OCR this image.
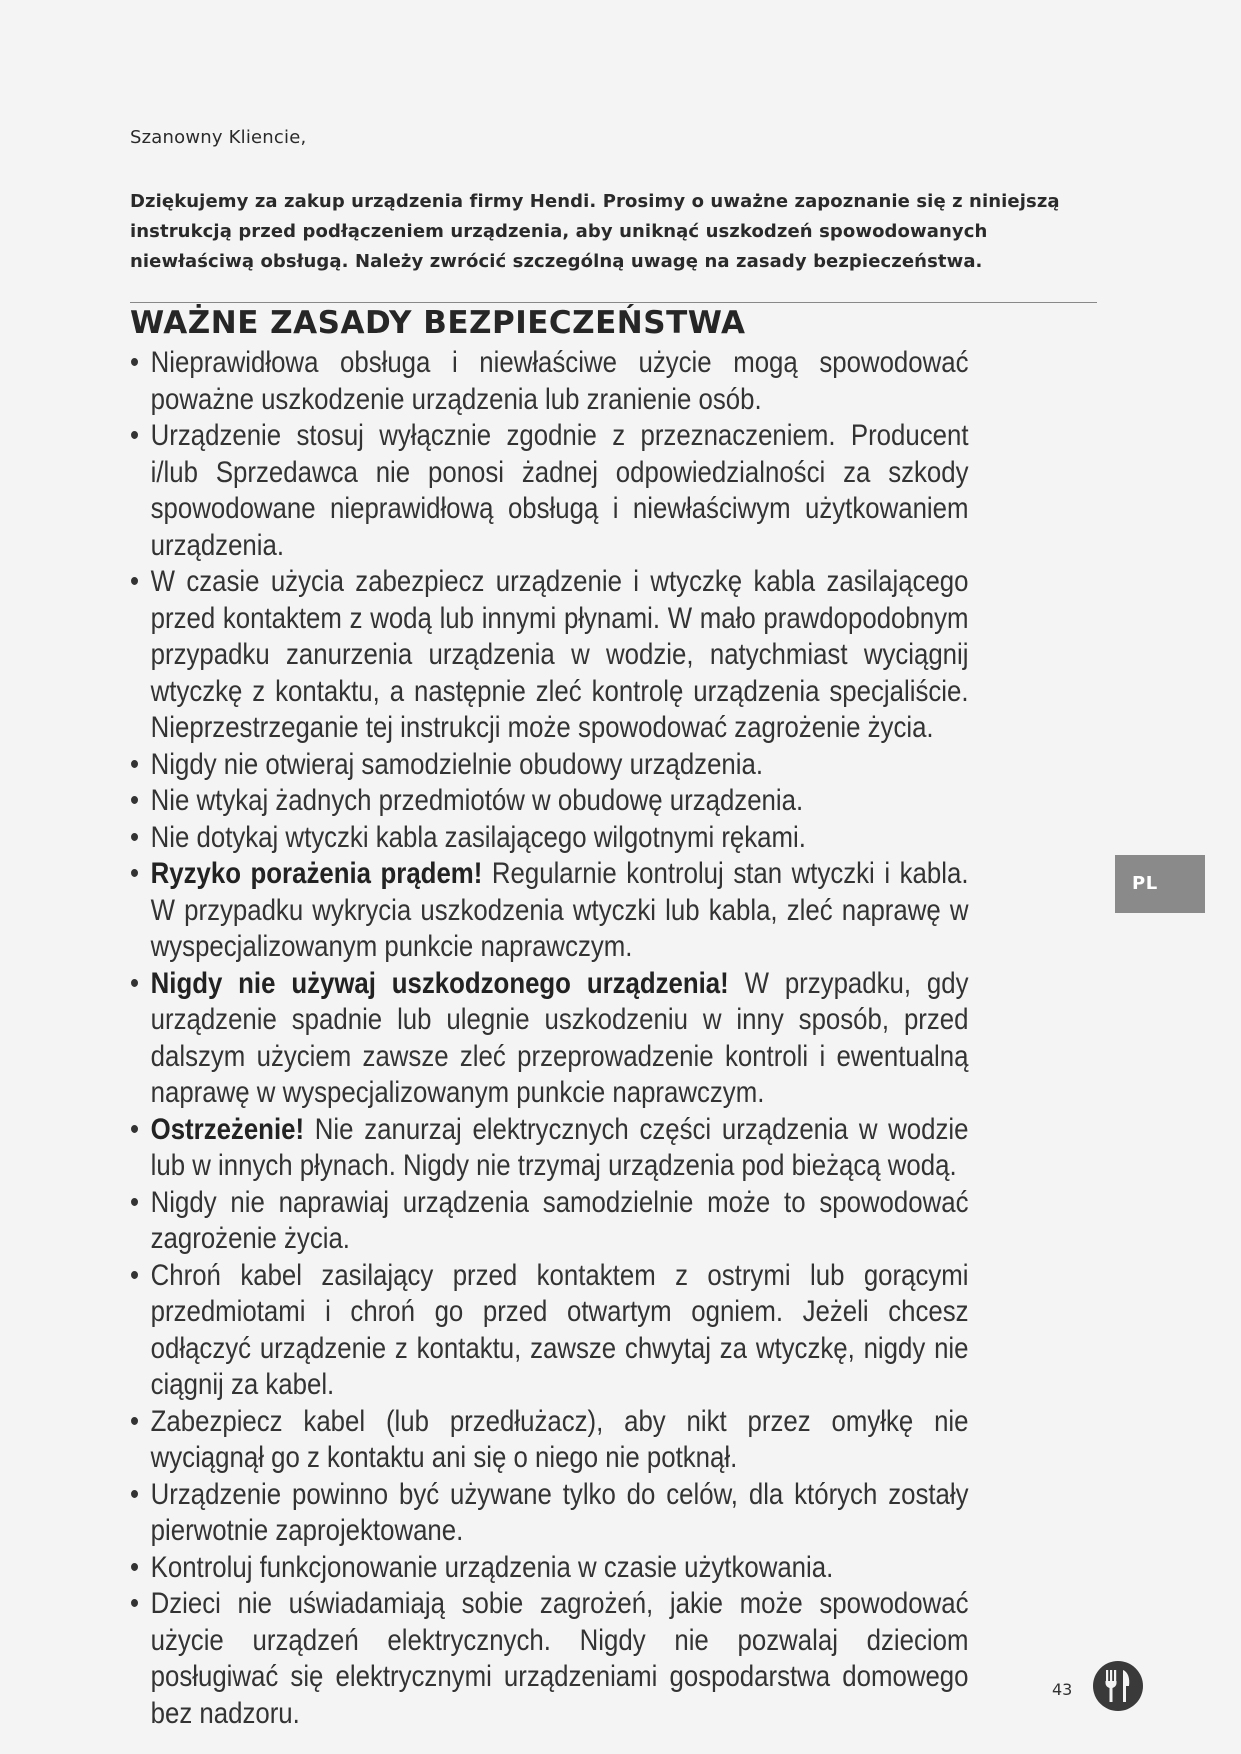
Szanowny Kliencie,
Dziękujemy za zakup urządzenia firmy Hendi. Prosimy o uważne zapoznanie się z niniejszą instrukcją przed podłączeniem urządzenia, aby uniknąć uszkodzeń spowodowanych niewłaściwą obsługą. Należy zwrócić szczególną uwagę na zasady bezpieczeństwa.
WAŻNE ZASADY BEZPIECZEŃSTWA
• Nieprawidłowa obsługa i niewłaściwe użycie mogą spowodować poważne uszkodzenie urządzenia lub zranienie osób.
• Urządzenie stosuj wyłącznie zgodnie z przeznaczeniem. Producent i/lub Sprzedawca nie ponosi żadnej odpowiedzialności za szkody spowodowane nieprawidłową obsługą i niewłaściwym użytkowaniem urządzenia.
• W czasie użycia zabezpiecz urządzenie i wtyczkę kabla zasilającego przed kontaktem z wodą lub innymi płynami. W mało prawdopodobnym przypadku zanurzenia urządzenia w wodzie, natychmiast wyciągnij wtyczkę z kontaktu, a następnie zleć kontrolę urządzenia specjaliście. Nieprzestrzeganie tej instrukcji może spowodować zagrożenie życia.
• Nigdy nie otwieraj samodzielnie obudowy urządzenia.
• Nie wtykaj żadnych przedmiotów w obudowę urządzenia.
• Nie dotykaj wtyczki kabla zasilającego wilgotnymi rękami.
• Ryzyko porażenia prądem! Regularnie kontroluj stan wtyczki i kabla. W przypadku wykrycia uszkodzenia wtyczki lub kabla, zleć naprawę w wyspecjalizowanym punkcie naprawczym.
• Nigdy nie używaj uszkodzonego urządzenia! W przypadku, gdy urządzenie spadnie lub ulegnie uszkodzeniu w inny sposób, przed dalszym użyciem zawsze zleć przeprowadzenie kontroli i ewentualną naprawę w wyspecjalizowanym punkcie naprawczym.
• Ostrzeżenie! Nie zanurzaj elektrycznych części urządzenia w wodzie lub w innych płynach. Nigdy nie trzymaj urządzenia pod bieżącą wodą.
• Nigdy nie naprawiaj urządzenia samodzielnie może to spowodować zagrożenie życia.
• Chroń kabel zasilający przed kontaktem z ostrymi lub gorącymi przedmiotami i chroń go przed otwartym ogniem. Jeżeli chcesz odłączyć urządzenie z kontaktu, zawsze chwytaj za wtyczkę, nigdy nie ciągnij za kabel.
• Zabezpiecz kabel (lub przedłużacz), aby nikt przez omyłkę nie wyciągnął go z kontaktu ani się o niego nie potknął.
• Urządzenie powinno być używane tylko do celów, dla których zostały pierwotnie zaprojektowane.
• Kontroluj funkcjonowanie urządzenia w czasie użytkowania.
• Dzieci nie uświadamiają sobie zagrożeń, jakie może spowodować użycie urządzeń elektrycznych. Nigdy nie pozwalaj dzieciom posługiwać się elektrycznymi urządzeniami gospodarstwa domowego bez nadzoru.
PL
43
